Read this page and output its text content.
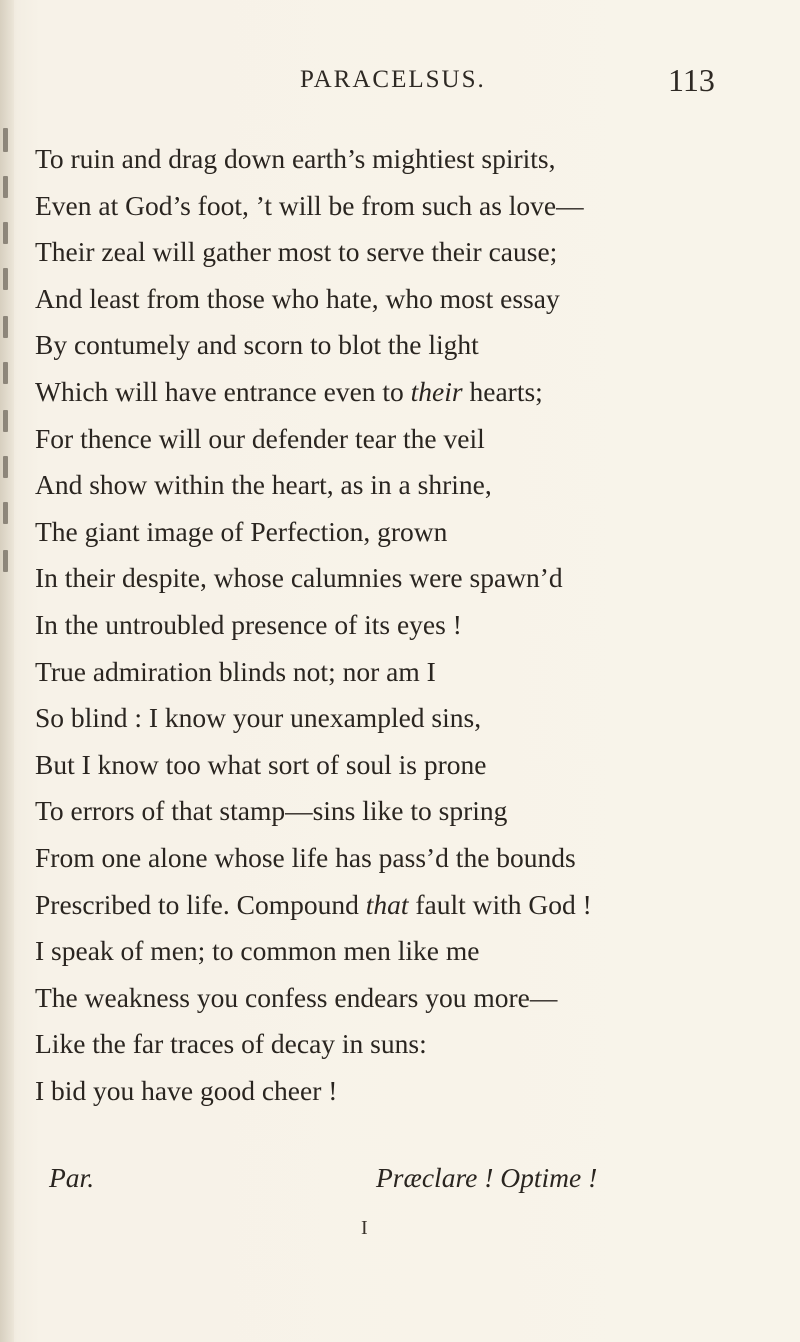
PARACELSUS.	113
To ruin and drag down earth’s mightiest spirits,
Even at God’s foot, ’t will be from such as love—
Their zeal will gather most to serve their cause;
And least from those who hate, who most essay
By contumely and scorn to blot the light
Which will have entrance even to their hearts;
For thence will our defender tear the veil
And show within the heart, as in a shrine,
The giant image of Perfection, grown
In their despite, whose calumnies were spawn’d
In the untroubled presence of its eyes !
True admiration blinds not; nor am I
So blind : I know your unexampled sins,
But I know too what sort of soul is prone
To errors of that stamp—sins like to spring
From one alone whose life has pass’d the bounds
Prescribed to life. Compound that fault with God !
I speak of men; to common men like me
The weakness you confess endears you more—
Like the far traces of decay in suns:
I bid you have good cheer !
Par.	Præclare ! Optime !
I
